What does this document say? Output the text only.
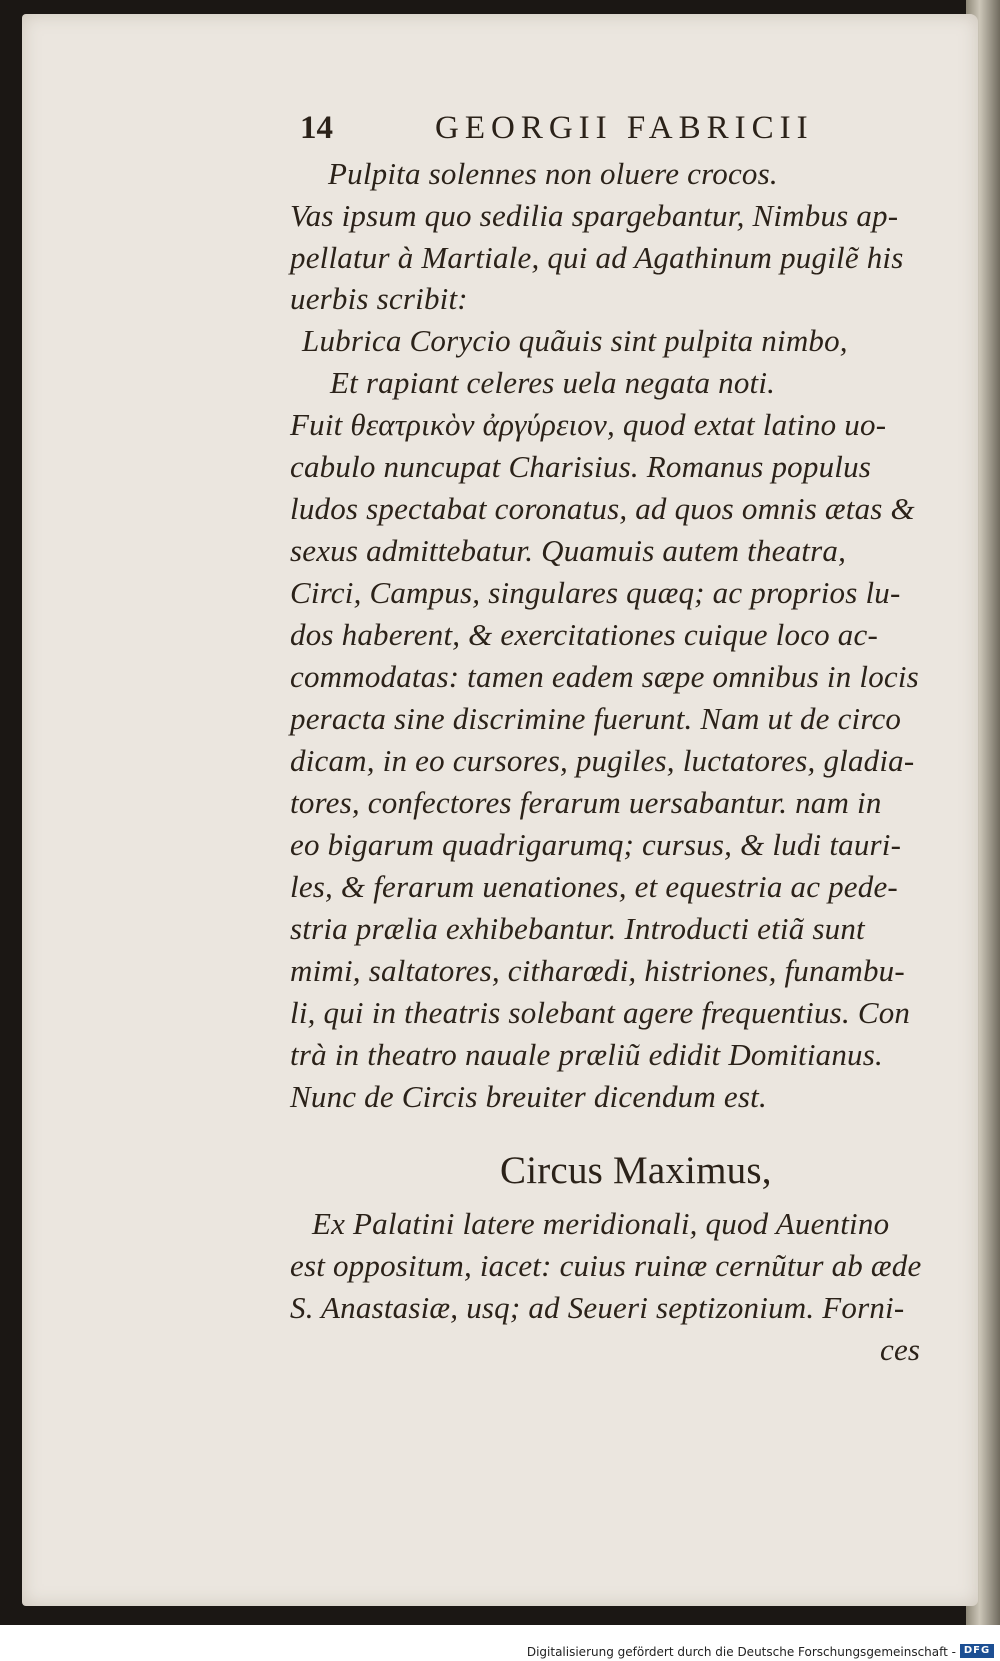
14	GEORGII FABRICII
Pulpita solennes non oluere crocos.
Vas ipsum quo sedilia spargebantur, Nimbus ap-
pellatur à Martiale, qui ad Agathinum pugilẽ his
uerbis scribit:
Lubrica Corycio quãuis sint pulpita nimbo,
Et rapiant celeres uela negata noti.
Fuit θεατρικὸν ἀργύρειον, quod extat latino uo-
cabulo nuncupat Charisius. Romanus populus
ludos spectabat coronatus, ad quos omnis ætas &
sexus admittebatur. Quamuis autem theatra,
Circi, Campus, singulares quæq; ac proprios lu-
dos haberent, & exercitationes cuique loco ac-
commodatas: tamen eadem sæpe omnibus in locis
peracta sine discrimine fuerunt. Nam ut de circo
dicam, in eo cursores, pugiles, luctatores, gladia-
tores, confectores ferarum uersabantur. nam in
eo bigarum quadrigarumq; cursus, & ludi tauri-
les, & ferarum uenationes, et equestria ac pede-
stria prælia exhibebantur. Introducti etiã sunt
mimi, saltatores, citharœdi, histriones, funambu-
li, qui in theatris solebant agere frequentius. Con
trà in theatro nauale præliũ edidit Domitianus.
Nunc de Circis breuiter dicendum est.
Circus Maximus,
Ex Palatini latere meridionali, quod Auentino
est oppositum, iacet: cuius ruinæ cernũtur ab æde
S. Anastasiæ, usq; ad Seueri septizonium. Forni-
ces
Digitalisierung gefördert durch die Deutsche Forschungsgemeinschaft - DFG
